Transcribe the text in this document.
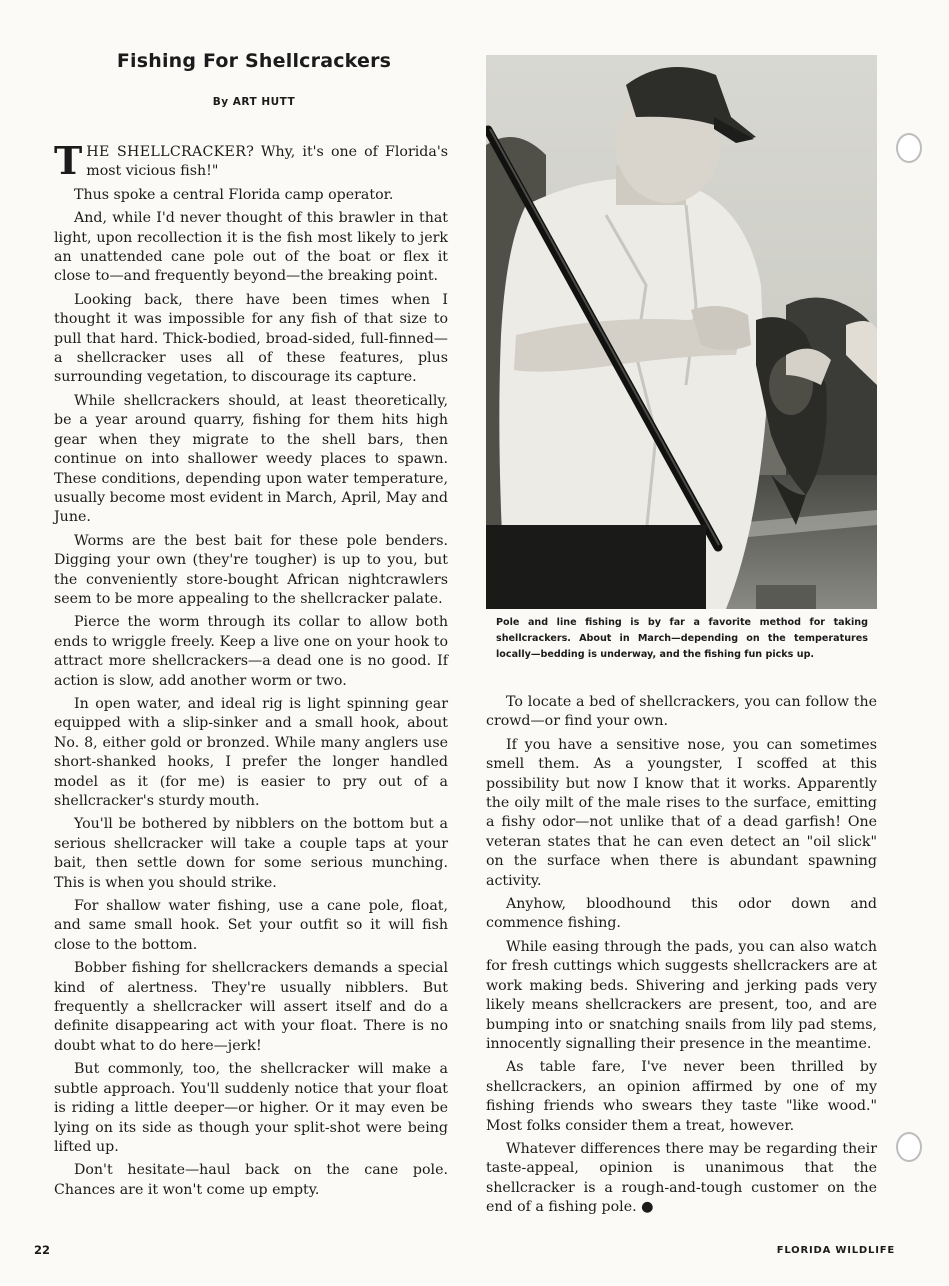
Fishing For Shellcrackers
By ART HUTT

THE SHELLCRACKER? Why, it's one of Florida's most vicious fish!"

Thus spoke a central Florida camp operator.

And, while I'd never thought of this brawler in that light, upon recollection it is the fish most likely to jerk an unattended cane pole out of the boat or flex it close to—and frequently beyond—the breaking point.

Looking back, there have been times when I thought it was impossible for any fish of that size to pull that hard. Thick-bodied, broad-sided, full-finned—a shellcracker uses all of these features, plus surrounding vegetation, to discourage its capture.

While shellcrackers should, at least theoretically, be a year around quarry, fishing for them hits high gear when they migrate to the shell bars, then continue on into shallower weedy places to spawn. These conditions, depending upon water temperature, usually become most evident in March, April, May and June.

Worms are the best bait for these pole benders. Digging your own (they're tougher) is up to you, but the conveniently store-bought African nightcrawlers seem to be more appealing to the shellcracker palate.

Pierce the worm through its collar to allow both ends to wriggle freely. Keep a live one on your hook to attract more shellcrackers—a dead one is no good. If action is slow, add another worm or two.

In open water, and ideal rig is light spinning gear equipped with a slip-sinker and a small hook, about No. 8, either gold or bronzed. While many anglers use short-shanked hooks, I prefer the longer handled model as it (for me) is easier to pry out of a shellcracker's sturdy mouth.

You'll be bothered by nibblers on the bottom but a serious shellcracker will take a couple taps at your bait, then settle down for some serious munching. This is when you should strike.

For shallow water fishing, use a cane pole, float, and same small hook. Set your outfit so it will fish close to the bottom.

Bobber fishing for shellcrackers demands a special kind of alertness. They're usually nibblers. But frequently a shellcracker will assert itself and do a definite disappearing act with your float. There is no doubt what to do here—jerk!

But commonly, too, the shellcracker will make a subtle approach. You'll suddenly notice that your float is riding a little deeper—or higher. Or it may even be lying on its side as though your split-shot were being lifted up.

Don't hesitate—haul back on the cane pole. Chances are it won't come up empty.

Pole and line fishing is by far a favorite method for taking shellcrackers. About in March—depending on the temperatures locally—bedding is underway, and the fishing fun picks up.

To locate a bed of shellcrackers, you can follow the crowd—or find your own.

If you have a sensitive nose, you can sometimes smell them. As a youngster, I scoffed at this possibility but now I know that it works. Apparently the oily milt of the male rises to the surface, emitting a fishy odor—not unlike that of a dead garfish! One veteran states that he can even detect an "oil slick" on the surface when there is abundant spawning activity.

Anyhow, bloodhound this odor down and commence fishing.

While easing through the pads, you can also watch for fresh cuttings which suggests shellcrackers are at work making beds. Shivering and jerking pads very likely means shellcrackers are present, too, and are bumping into or snatching snails from lily pad stems, innocently signalling their presence in the meantime.

As table fare, I've never been thrilled by shellcrackers, an opinion affirmed by one of my fishing friends who swears they taste "like wood." Most folks consider them a treat, however.

Whatever differences there may be regarding their taste-appeal, opinion is unanimous that the shellcracker is a rough-and-tough customer on the end of a fishing pole. ●

22	FLORIDA WILDLIFE
